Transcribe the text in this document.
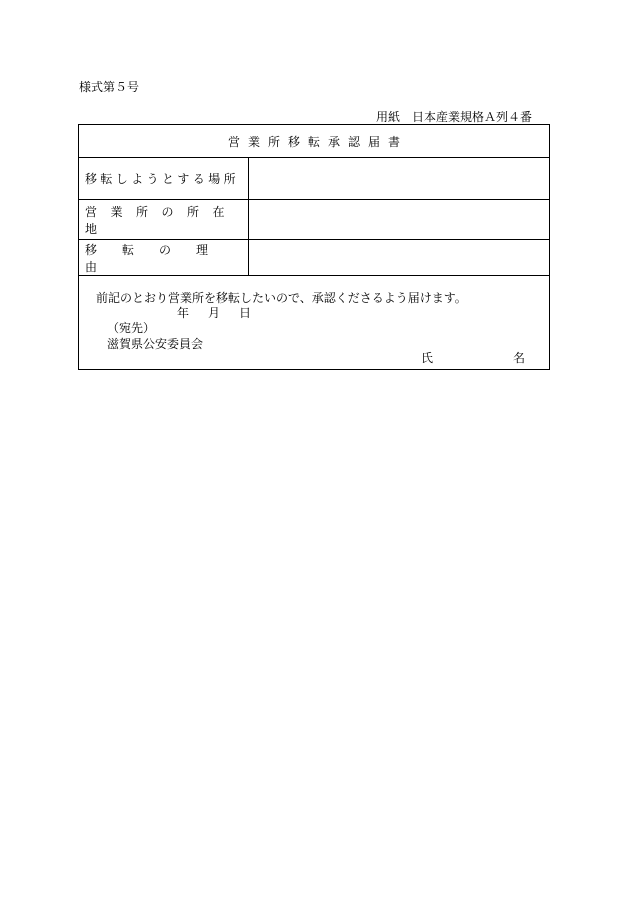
様式第５号
用紙　日本産業規格Ａ列４番
営業所移転承認届書
移転しようとする場所
営業所の所在地
移転の理由
前記のとおり営業所を移転したいので、承認くださるよう届けます。
年 月 日
（宛先）
滋賀県公安委員会
氏	名
